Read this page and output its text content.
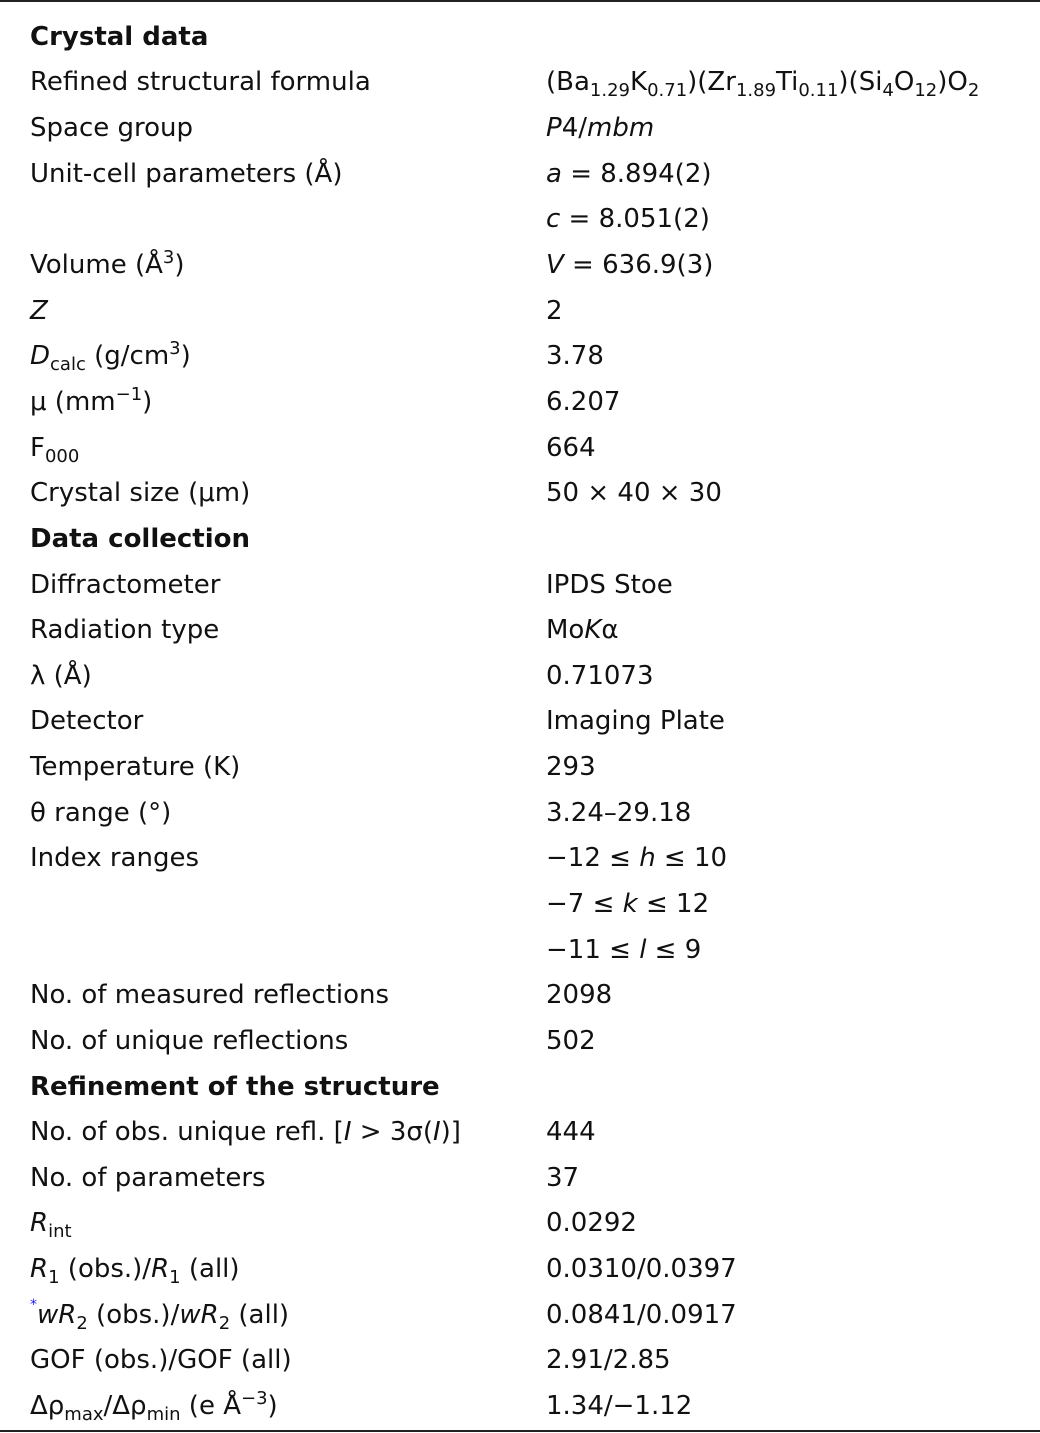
Crystal data	
Refined structural formula	$(Ba_{1.29}K_{0.71})(Zr_{1.89}Ti_{0.11})(Si_4O_{12})O_2$
Space group	P4/mbm
Unit-cell parameters (Å)	a = 8.894(2)
	c = 8.051(2)
Volume $(Å^3)$	V = 636.9(3)
Z	2
$D_{calc}$ $(g/cm^3)$	3.78
μ $(mm^{-1})$	6.207
$F_{000}$	664
Crystal size (μm)	50 × 40 × 30
Data collection	
Diffractometer	IPDS Stoe
Radiation type	MoKα
λ (Å)	0.71073
Detector	Imaging Plate
Temperature (K)	293
θ range (°)	3.24–29.18
Index ranges	−12 ≤ h ≤ 10
	−7 ≤ k ≤ 12
	−11 ≤ l ≤ 9
No. of measured reflections	2098
No. of unique reflections	502
Refinement of the structure	
No. of obs. unique refl. [I > 3σ(I)]	444
No. of parameters	37
$R_{int}$	0.0292
$R_1$ $(obs.)/R_1$ (all)	0.0310/0.0397
$^*wR_2$ $(obs.)/wR_2$ (all)	0.0841/0.0917
GOF (obs.)/GOF (all)	2.91/2.85
$\Delta\rho_{max}/\Delta\rho_{min}$ (e $Å^{-3}$)	1.34/−1.12
